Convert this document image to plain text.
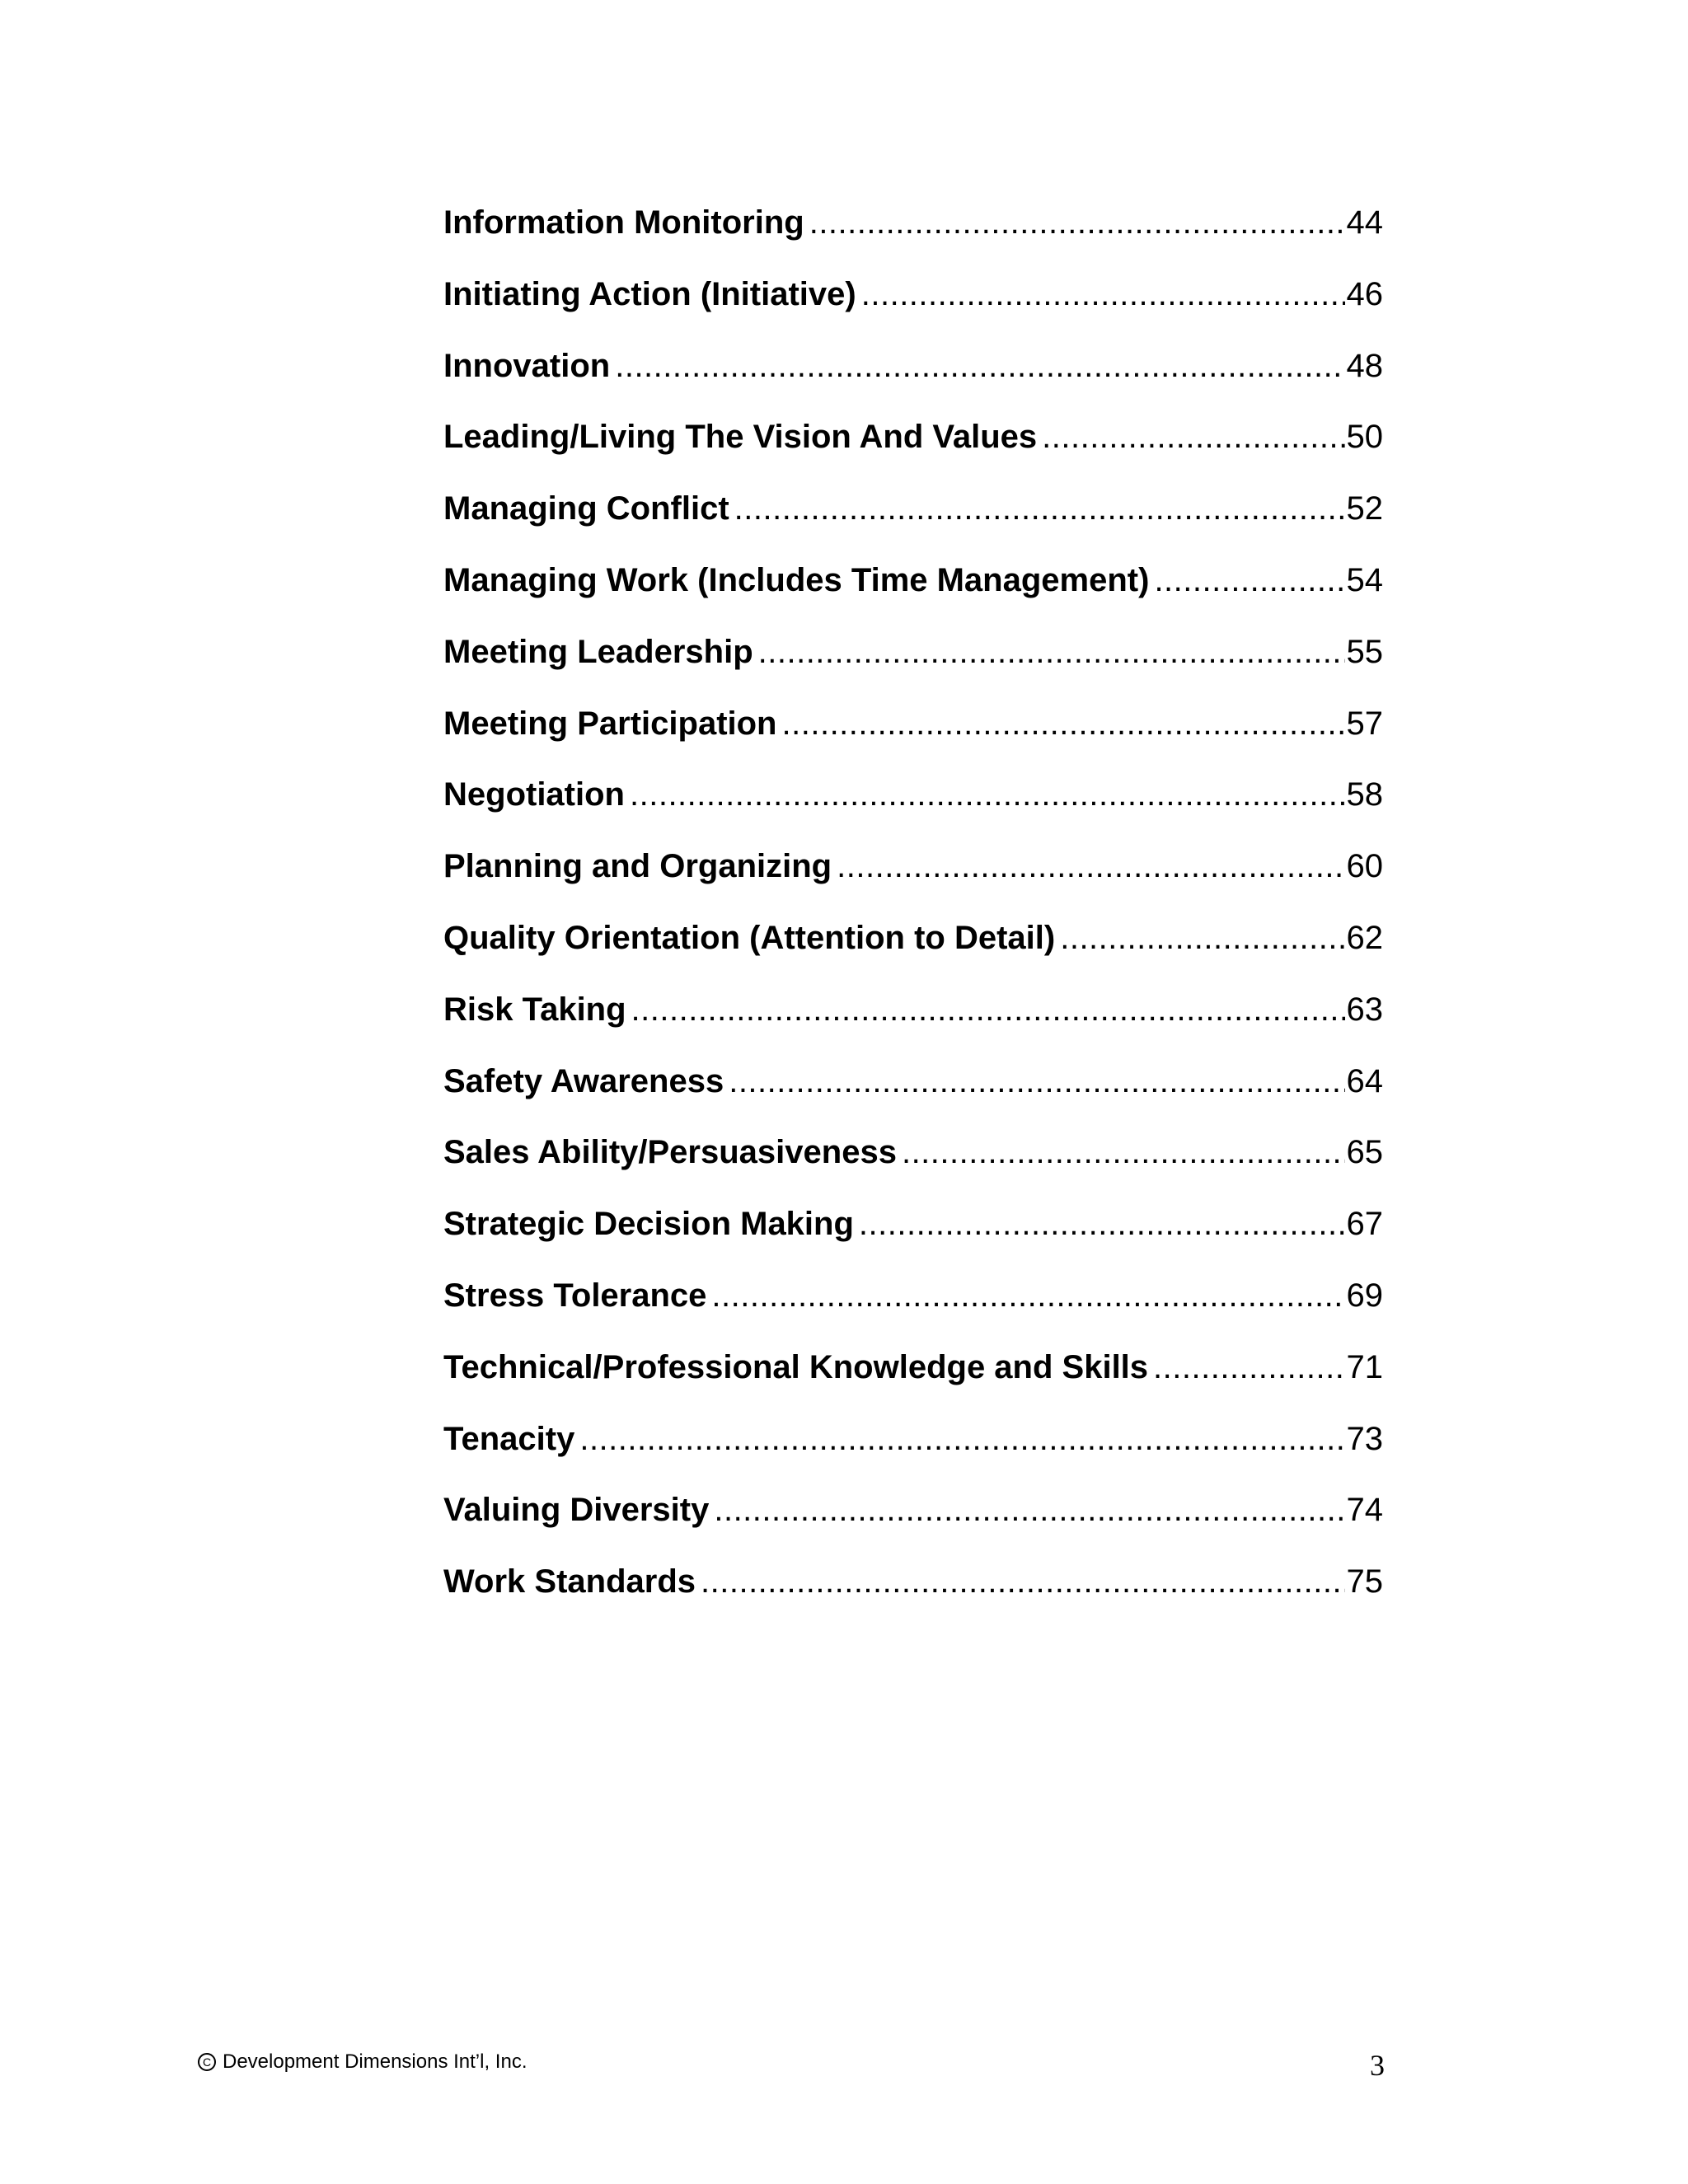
Information Monitoring .....	44
Initiating Action (Initiative) .....	46
Innovation .....	48
Leading/Living The Vision And Values .....	50
Managing Conflict .....	52
Managing Work (Includes Time Management) .....	54
Meeting Leadership .....	55
Meeting Participation .....	57
Negotiation .....	58
Planning and Organizing .....	60
Quality Orientation (Attention to Detail) .....	62
Risk Taking .....	63
Safety Awareness .....	64
Sales Ability/Persuasiveness .....	65
Strategic Decision Making .....	67
Stress Tolerance .....	69
Technical/Professional Knowledge and Skills .....	71
Tenacity .....	73
Valuing Diversity .....	74
Work Standards .....	75
C Development Dimensions Int’l, Inc.	3
